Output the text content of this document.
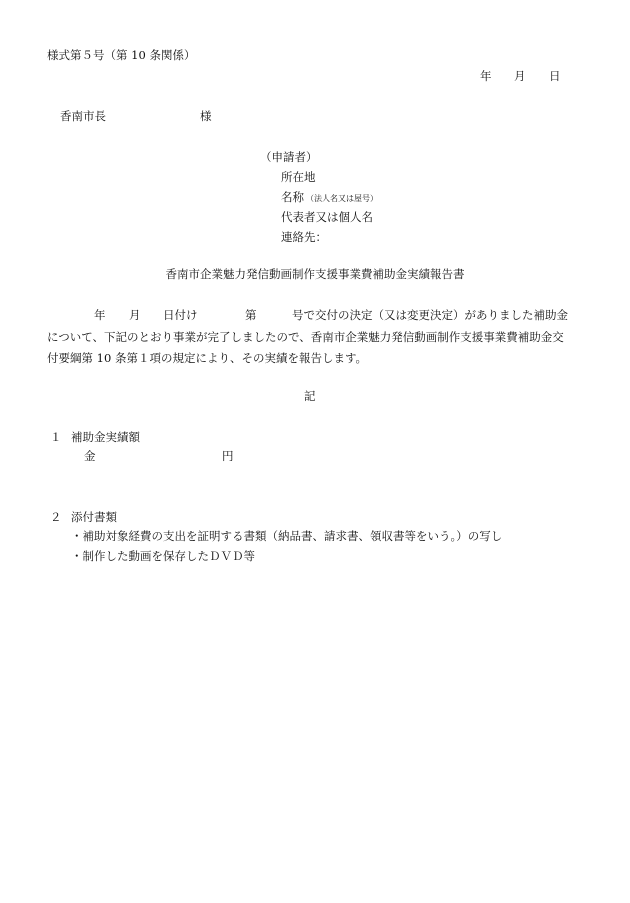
様式第５号（第 10 条関係）
年 月 日
香南市長	様
（申請者）
所在地
名称 （法人名又は屋号）
代表者又は個人名
連絡先：
香南市企業魅力発信動画制作支援事業費補助金実績報告書
年 月 日付け	第	号で交付の決定（又は変更決定）がありました補助金
について、下記のとおり事業が完了しましたので、香南市企業魅力発信動画制作支援事業費補助金交
付要綱第 10 条第１項の規定により、その実績を報告します。
記
１ 補助金実績額
金	円
２ 添付書類
・補助対象経費の支出を証明する書類（納品書、請求書、領収書等をいう。）の写し
・制作した動画を保存したＤＶＤ等
